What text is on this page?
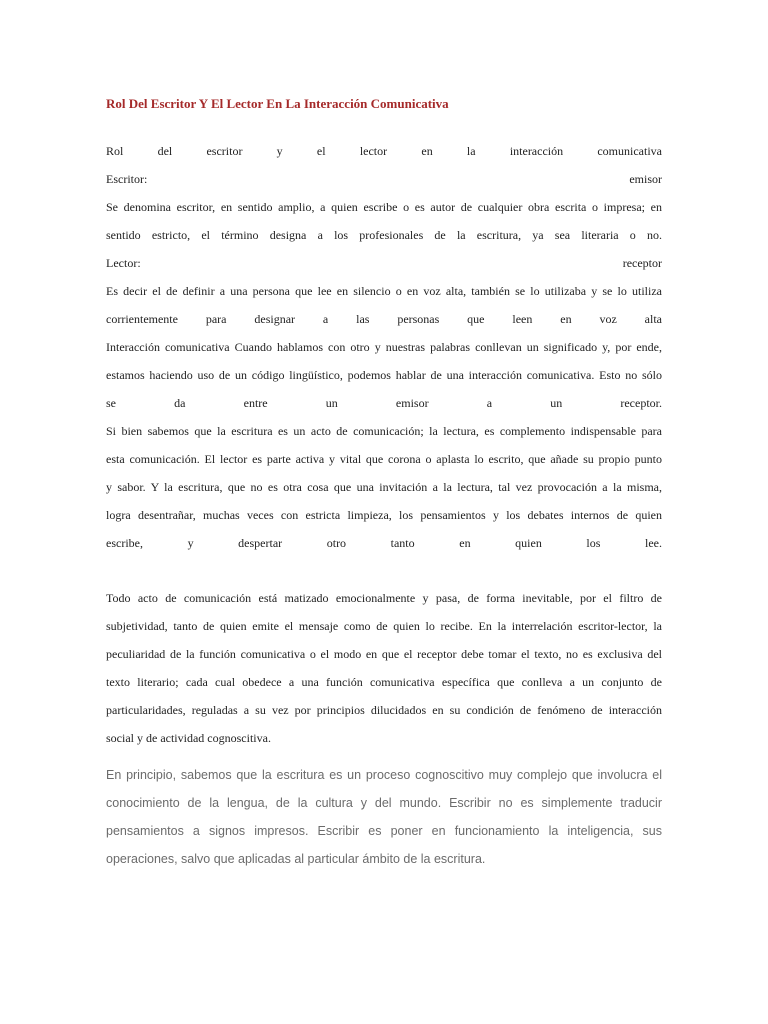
Rol Del Escritor Y El Lector En La Interacción Comunicativa
Rol del escritor y el lector en la interacción comunicativa
Escritor: emisor
Se denomina escritor, en sentido amplio, a quien escribe o es autor de cualquier obra escrita o impresa; en
sentido estricto, el término designa a los profesionales de la escritura, ya sea literaria o no.
Lector: receptor
Es decir el de definir a una persona que lee en silencio o en voz alta, también se lo utilizaba y se lo utiliza
corrientemente para designar a las personas que leen en voz alta
Interacción comunicativa Cuando hablamos con otro y nuestras palabras conllevan un significado y, por ende,
estamos haciendo uso de un código lingüístico, podemos hablar de una interacción comunicativa. Esto no sólo
se da entre un emisor a un receptor.
Si bien sabemos que la escritura es un acto de comunicación; la lectura, es complemento indispensable para
esta comunicación. El lector es parte activa y vital que corona o aplasta lo escrito, que añade su propio punto
y sabor. Y la escritura, que no es otra cosa que una invitación a la lectura, tal vez provocación a la misma,
logra desentrañar, muchas veces con estricta limpieza, los pensamientos y los debates internos de quien
escribe, y despertar otro tanto en quien los lee.
Todo acto de comunicación está matizado emocionalmente y pasa, de forma inevitable, por el filtro de
subjetividad, tanto de quien emite el mensaje como de quien lo recibe. En la interrelación escritor-lector, la
peculiaridad de la función comunicativa o el modo en que el receptor debe tomar el texto, no es exclusiva del
texto literario; cada cual obedece a una función comunicativa específica que conlleva a un conjunto de
particularidades, reguladas a su vez por principios dilucidados en su condición de fenómeno de interacción
social y de actividad cognoscitiva.
En principio, sabemos que la escritura es un proceso cognoscitivo muy complejo que involucra el
conocimiento de la lengua, de la cultura y del mundo. Escribir no es simplemente traducir
pensamientos a signos impresos. Escribir es poner en funcionamiento la inteligencia, sus
operaciones, salvo que aplicadas al particular ámbito de la escritura.
